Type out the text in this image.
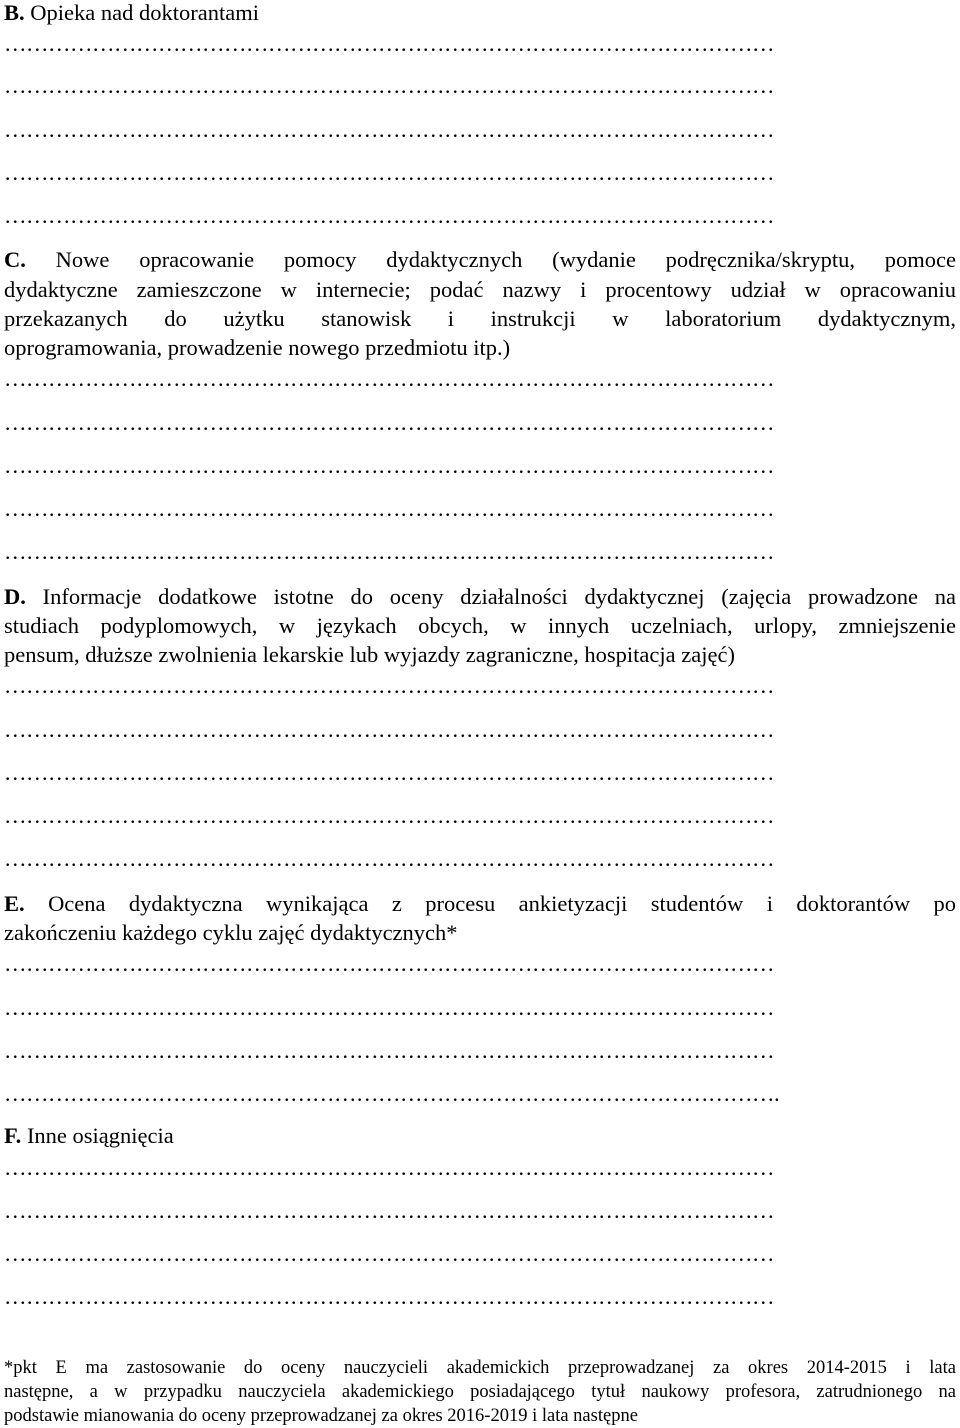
B. Opieka nad doktorantami
……………………………………………………………………………………………
……………………………………………………………………………………………
……………………………………………………………………………………………
……………………………………………………………………………………………
……………………………………………………………………………………………
C. Nowe opracowanie pomocy dydaktycznych (wydanie podręcznika/skryptu, pomoce
dydaktyczne zamieszczone w internecie; podać nazwy i procentowy udział w opracowaniu
przekazanych do użytku stanowisk i instrukcji w laboratorium dydaktycznym,
oprogramowania, prowadzenie nowego przedmiotu itp.)
……………………………………………………………………………………………
……………………………………………………………………………………………
……………………………………………………………………………………………
……………………………………………………………………………………………
……………………………………………………………………………………………
D. Informacje dodatkowe istotne do oceny działalności dydaktycznej (zajęcia prowadzone na
studiach podyplomowych, w językach obcych, w innych uczelniach, urlopy, zmniejszenie
pensum, dłuższe zwolnienia lekarskie lub wyjazdy zagraniczne, hospitacja zajęć)
……………………………………………………………………………………………
……………………………………………………………………………………………
……………………………………………………………………………………………
……………………………………………………………………………………………
……………………………………………………………………………………………
E. Ocena dydaktyczna wynikająca z procesu ankietyzacji studentów i doktorantów po
zakończeniu każdego cyklu zajęć dydaktycznych*
……………………………………………………………………………………………
……………………………………………………………………………………………
……………………………………………………………………………………………
…………………………………………………………………………………………….
F. Inne osiągnięcia
……………………………………………………………………………………………
……………………………………………………………………………………………
……………………………………………………………………………………………
……………………………………………………………………………………………
*pkt E ma zastosowanie do oceny nauczycieli akademickich przeprowadzanej za okres 2014-2015 i lata
następne, a w przypadku nauczyciela akademickiego posiadającego tytuł naukowy profesora, zatrudnionego na
podstawie mianowania do oceny przeprowadzanej za okres 2016-2019 i lata następne
